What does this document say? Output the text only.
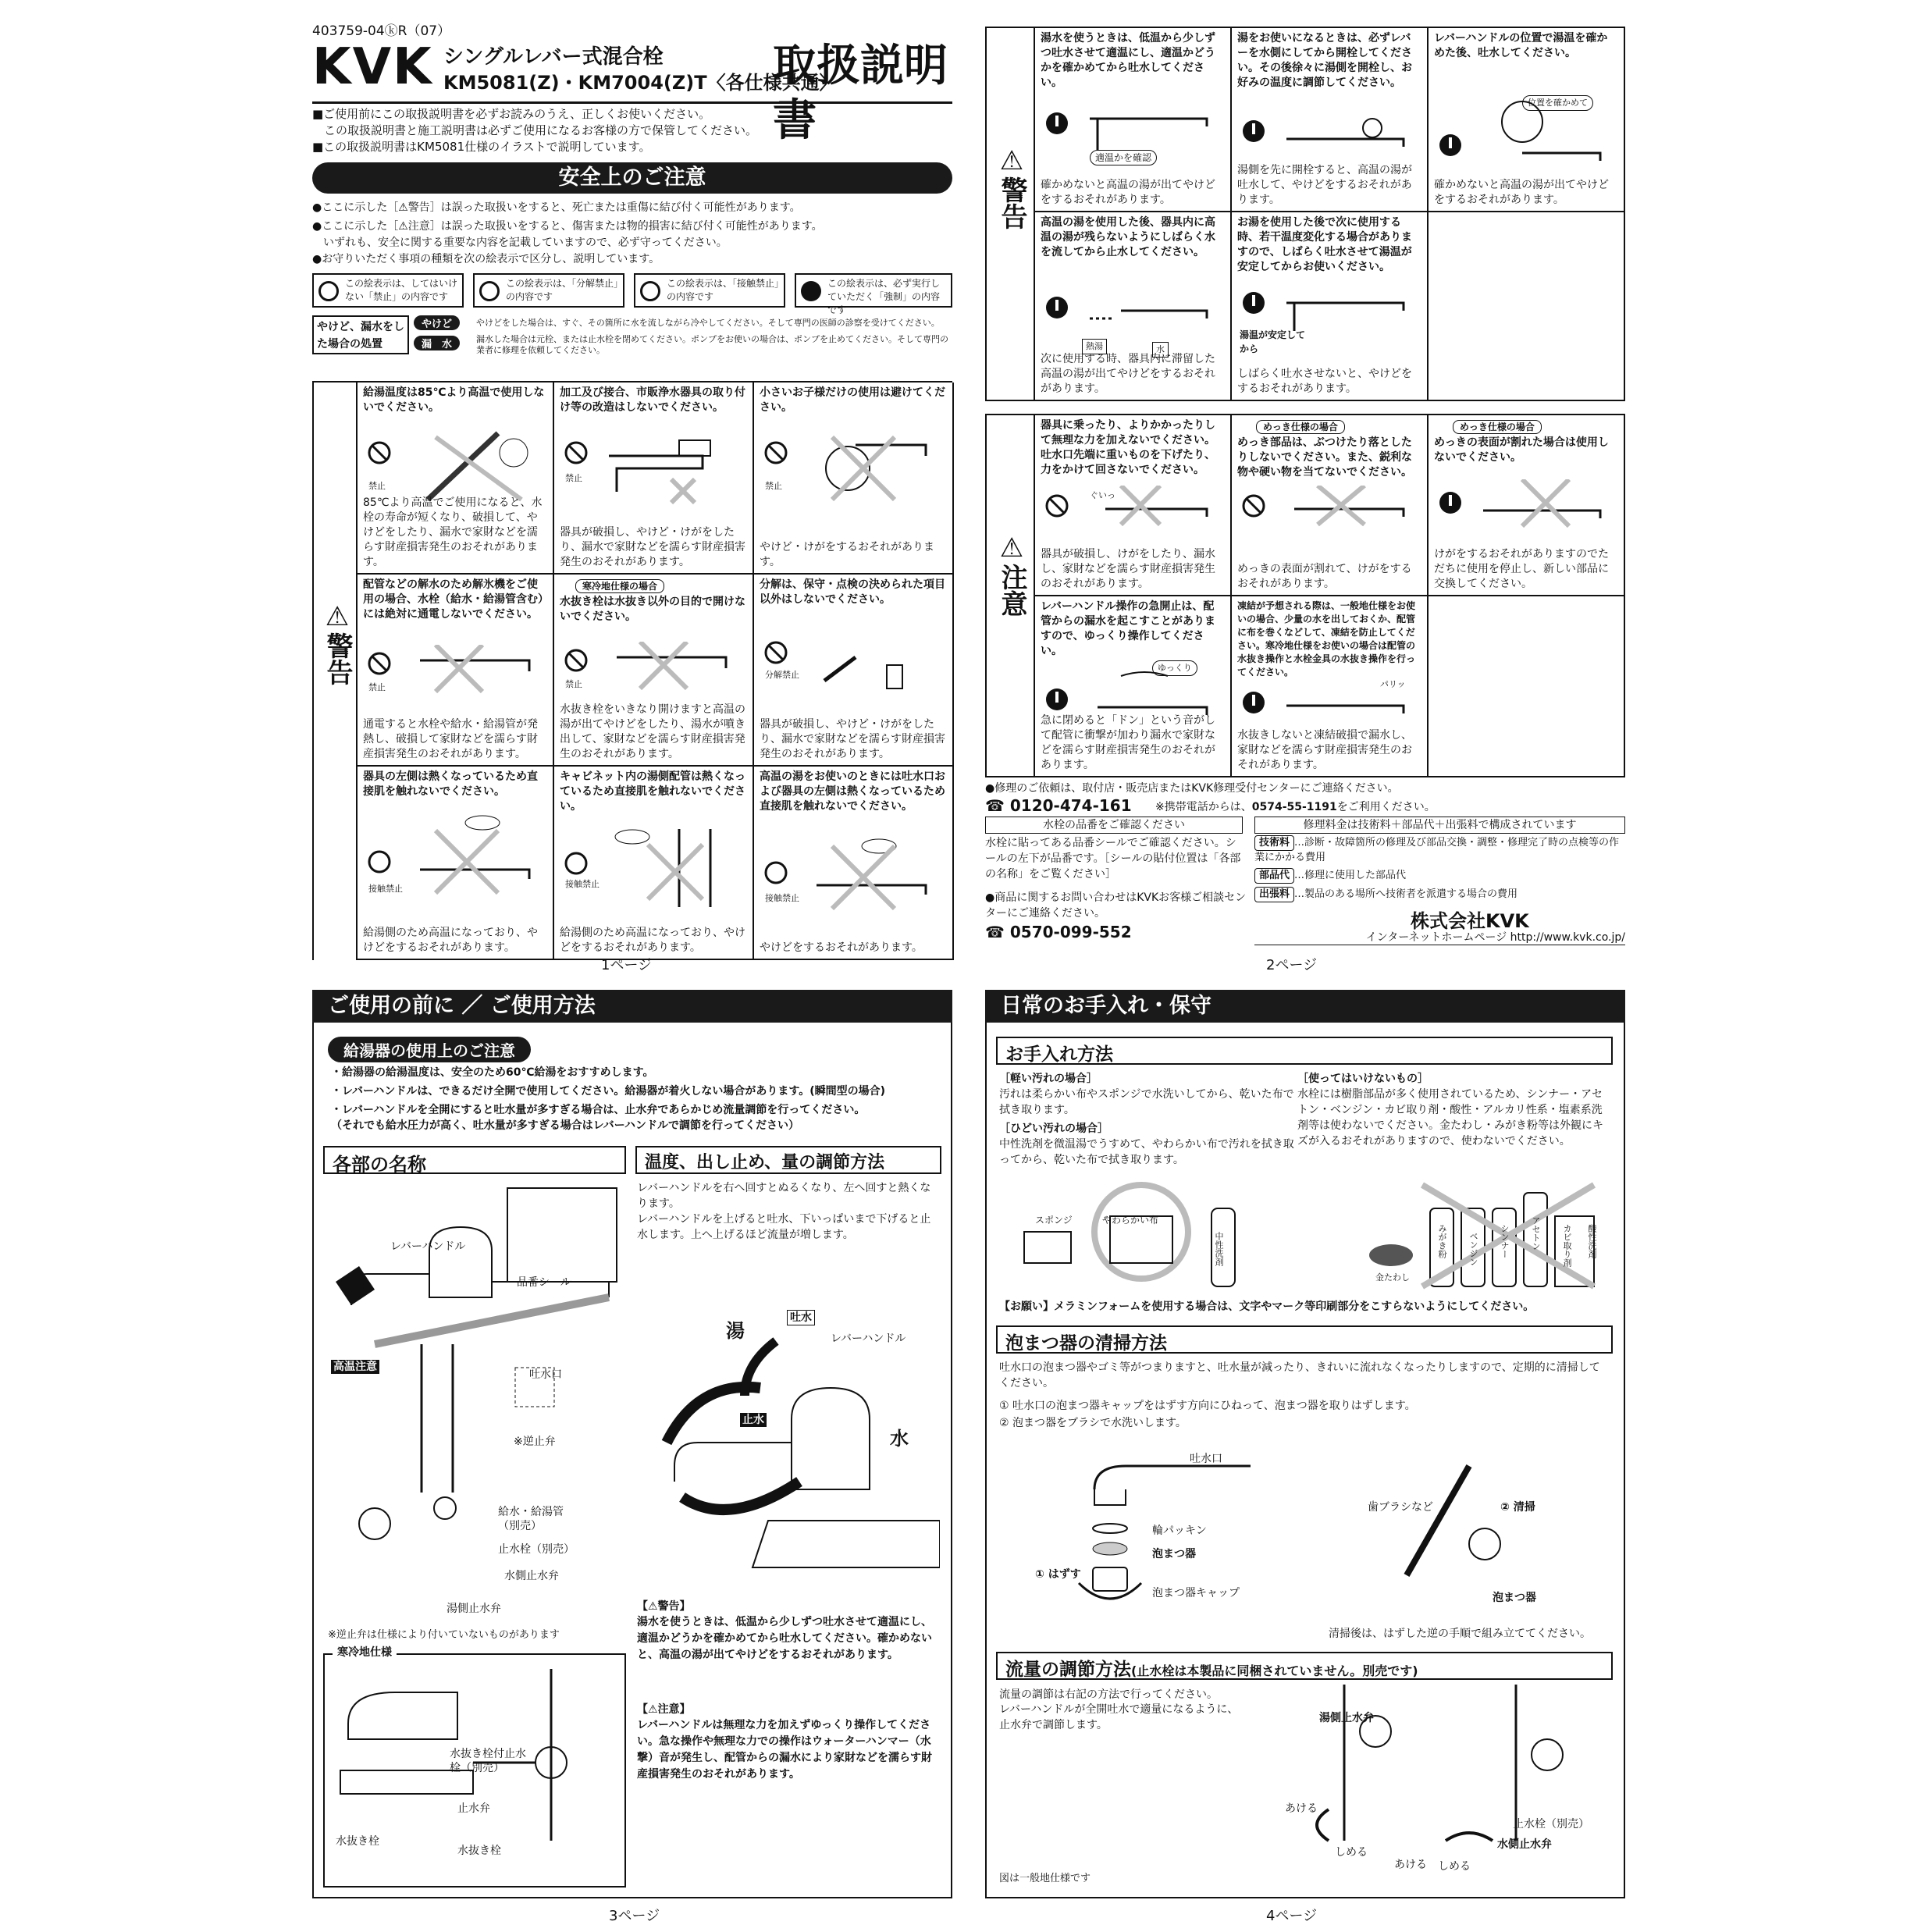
403759-04ⓚR（07）
KVK シングルレバー式混合栓
KM5081(Z)・KM7004(Z)T〈各仕様共通〉
取扱説明書
■ご使用前にこの取扱説明書を必ずお読みのうえ、正しくお使いください。
　この取扱説明書と施工説明書は必ずご使用になるお客様の方で保管してください。
■この取扱説明書はKM5081仕様のイラストで説明しています。
安全上のご注意
●ここに示した［⚠警告］は誤った取扱いをすると、死亡または重傷に結び付く可能性があります。
●ここに示した［⚠注意］は誤った取扱いをすると、傷害または物的損害に結び付く可能性があります。
　いずれも、安全に関する重要な内容を記載していますので、必ず守ってください。
●お守りいただく事項の種類を次の絵表示で区分し、説明しています。
この絵表示は、してはいけない「禁止」の内容です
この絵表示は、「分解禁止」の内容です
この絵表示は、「接触禁止」の内容です
この絵表示は、必ず実行していただく「強制」の内容です
やけど、漏水をした場合の処置
やけど	やけどをした場合は、すぐ、その箇所に水を流しながら冷やしてください。そして専門の医師の診察を受けてください。
漏　水	漏水した場合は元栓、または止水栓を閉めてください。ポンプをお使いの場合は、ポンプを止めてください。そして専門の業者に修理を依頼してください。
⚠警告
給湯温度は85℃より高温で使用しないでください。
禁止
85℃より高温でご使用になると、水栓の寿命が短くなり、破損して、やけどをしたり、漏水で家財などを濡らす財産損害発生のおそれがあります。
加工及び接合、市販浄水器具の取り付け等の改造はしないでください。
禁止
器具が破損し、やけど・けがをしたり、漏水で家財などを濡らす財産損害発生のおそれがあります。
小さいお子様だけの使用は避けてください。
禁止
やけど・けがをするおそれがあります。
配管などの解水のため解氷機をご使用の場合、水栓（給水・給湯管含む）には絶対に通電しないでください。
禁止
通電すると水栓や給水・給湯管が発熱し、破損して家財などを濡らす財産損害発生のおそれがあります。
寒冷地仕様の場合
水抜き栓は水抜き以外の目的で開けないでください。
禁止
水抜き栓をいきなり開けますと高温の湯が出てやけどをしたり、湯水が噴き出して、家財などを濡らす財産損害発生のおそれがあります。
分解は、保守・点検の決められた項目以外はしないでください。
分解禁止
器具が破損し、やけど・けがをしたり、漏水で家財などを濡らす財産損害発生のおそれがあります。
器具の左側は熱くなっているため直接肌を触れないでください。
接触禁止
給湯側のため高温になっており、やけどをするおそれがあります。
キャビネット内の湯側配管は熱くなっているため直接肌を触れないでください。
接触禁止
給湯側のため高温になっており、やけどをするおそれがあります。
高温の湯をお使いのときには吐水口および器具の左側は熱くなっているため直接肌を触れないでください。
接触禁止
やけどをするおそれがあります。
1ページ
⚠警告
湯水を使うときは、低温から少しずつ吐水させて適温にし、適温かどうかを確かめてから吐水してください。
適温かを確認
確かめないと高温の湯が出てやけどをするおそれがあります。
湯をお使いになるときは、必ずレバーを水側にしてから開栓してください。その後徐々に湯側を開栓し、お好みの温度に調節してください。
湯側を先に開栓すると、高温の湯が吐水して、やけどをするおそれがあります。
レバーハンドルの位置で湯温を確かめた後、吐水してください。
位置を確かめて
確かめないと高温の湯が出てやけどをするおそれがあります。
高温の湯を使用した後、器具内に高温の湯が残らないようにしばらく水を流してから止水してください。
熱湯	水
次に使用する時、器具内に滞留した高温の湯が出てやけどをするおそれがあります。
お湯を使用した後で次に使用する時、若干温度変化する場合がありますので、しばらく吐水させて湯温が安定してからお使いください。
湯温が安定してから
しばらく吐水させないと、やけどをするおそれがあります。
⚠注意
器具に乗ったり、よりかかったりして無理な力を加えないでください。吐水口先端に重いものを下げたり、力をかけて回さないでください。
ぐいっ
器具が破損し、けがをしたり、漏水し、家財などを濡らす財産損害発生のおそれがあります。
めっき仕様の場合
めっき部品は、ぶつけたり落としたりしないでください。また、鋭利な物や硬い物を当てないでください。
めっきの表面が割れて、けがをするおそれがあります。
めっき仕様の場合
めっきの表面が割れた場合は使用しないでください。
けがをするおそれがありますのでただちに使用を停止し、新しい部品に交換してください。
レバーハンドル操作の急開止は、配管からの漏水を起こすことがありますので、ゆっくり操作してください。
ゆっくり
急に閉めると「ドン」という音がして配管に衝撃が加わり漏水で家財などを濡らす財産損害発生のおそれがあります。
凍結が予想される際は、一般地仕様をお使いの場合、少量の水を出しておくか、配管に布を巻くなどして、凍結を防止してください。寒冷地仕様をお使いの場合は配管の水抜き操作と水栓金具の水抜き操作を行ってください。
パリッ
水抜きしないと凍結破損で漏水し、家財などを濡らす財産損害発生のおそれがあります。
●修理のご依頼は、取付店・販売店またはKVK修理受付センターにご連絡ください。
☎ 0120-474-161 ※携帯電話からは、0574-55-1191をご利用ください。
水栓の品番をご確認ください
水栓に貼ってある品番シールでご確認ください。シールの左下が品番です。［シールの貼付位置は「各部の名称」をご覧ください］
修理料金は技術料＋部品代＋出張料で構成されています
技術料 …診断・故障箇所の修理及び部品交換・調整・修理完了時の点検等の作業にかかる費用
部品代 …修理に使用した部品代
出張料 …製品のある場所へ技術者を派遣する場合の費用
●商品に関するお問い合わせはKVKお客様ご相談センターにご連絡ください。
☎ 0570-099-552	株式会社KVK
インターネットホームページ http://www.kvk.co.jp/
2ページ
ご使用の前に ／ ご使用方法
給湯器の使用上のご注意
・給湯器の給湯温度は、安全のため60℃給湯をおすすめします。
・レバーハンドルは、できるだけ全開で使用してください。給湯器が着火しない場合があります。(瞬間型の場合)
・レバーハンドルを全開にすると吐水量が多すぎる場合は、止水弁であらかじめ流量調節を行ってください。
（それでも給水圧力が高く、吐水量が多すぎる場合はレバーハンドルで調節を行ってください）
各部の名称
レバーハンドル
品番シール
高温注意
吐水口
※逆止弁
給水・給湯管（別売）
止水栓（別売）
水側止水弁
湯側止水弁
※逆止弁は仕様により付いていないものがあります
寒冷地仕様
水抜き栓付止水栓（別売）
止水弁
水抜き栓
水抜き栓
温度、出し止め、量の調節方法
レバーハンドルを右へ回すとぬるくなり、左へ回すと熱くなります。
レバーハンドルを上げると吐水、下いっぱいまで下げると止水します。上へ上げるほど流量が増します。
湯
吐水
レバーハンドル
止水
水
【⚠警告】
湯水を使うときは、低温から少しずつ吐水させて適温にし、適温かどうかを確かめてから吐水してください。確かめないと、高温の湯が出てやけどをするおそれがあります。
【⚠注意】
レバーハンドルは無理な力を加えずゆっくり操作してください。急な操作や無理な力での操作はウォーターハンマー（水撃）音が発生し、配管からの漏水により家財などを濡らす財産損害発生のおそれがあります。
3ページ
日常のお手入れ・保守
お手入れ方法
［軽い汚れの場合］
汚れは柔らかい布やスポンジで水洗いしてから、乾いた布で拭き取ります。
［ひどい汚れの場合］
中性洗剤を微温湯でうすめて、やわらかい布で汚れを拭き取ってから、乾いた布で拭き取ります。
［使ってはいけないもの］
水栓には樹脂部品が多く使用されているため、シンナー・アセトン・ベンジン・カビ取り剤・酸性・アルカリ性系・塩素系洗剤等は使わないでください。金たわし・みがき粉等は外観にキズが入るおそれがありますので、使わないでください。
スポンジ	やわらかい布
中性洗剤
金たわし
みがき粉 ベンジン シンナー アセトン カビ取り剤 酸性洗剤
【お願い】メラミンフォームを使用する場合は、文字やマーク等印刷部分をこすらないようにしてください。
泡まつ器の清掃方法
吐水口の泡まつ器やゴミ等がつまりますと、吐水量が減ったり、きれいに流れなくなったりしますので、定期的に清掃してください。
① 吐水口の泡まつ器キャップをはずす方向にひねって、泡まつ器を取りはずします。
② 泡まつ器をブラシで水洗いします。
吐水口
輪パッキン
泡まつ器
① はずす
泡まつ器キャップ
歯ブラシなど	② 清掃
泡まつ器
清掃後は、はずした逆の手順で組み立ててください。
流量の調節方法(止水栓は本製品に同梱されていません。別売です)
流量の調節は右記の方法で行ってください。
レバーハンドルが全開吐水で適量になるように、止水弁で調節します。
湯側止水弁
あける
しめる
あける しめる
止水栓（別売）
水側止水弁
図は一般地仕様です
4ページ
